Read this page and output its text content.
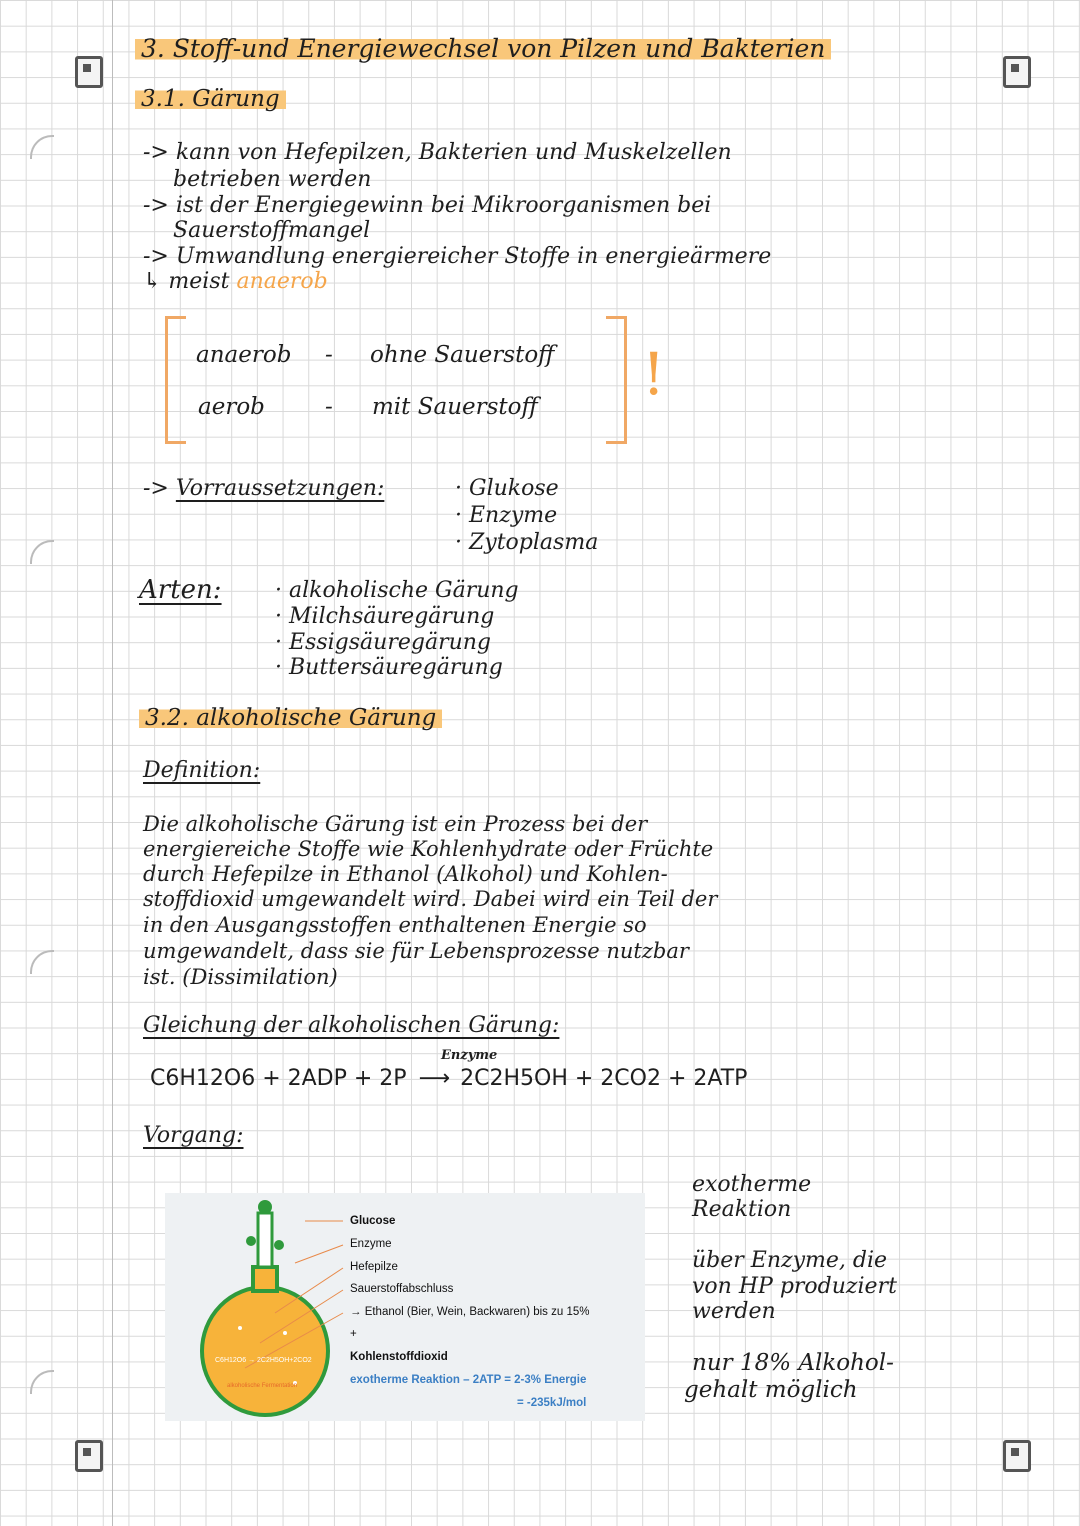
3. Stoff-und Energiewechsel von Pilzen und Bakterien
3.1. Gärung
-> kann von Hefepilzen, Bakterien und Muskelzellen
betrieben werden
-> ist der Energiegewinn bei Mikroorganismen bei
Sauerstoffmangel
-> Umwandlung energiereicher Stoffe in energieärmere
↳ meist anaerob
anaerob - ohne Sauerstoff
aerob	- mit Sauerstoff !
-> Vorraussetzungen:	· Glukose
· Enzyme
· Zytoplasma
Arten: · alkoholische Gärung
· Milchsäuregärung
· Essigsäuregärung
· Buttersäuregärung
3.2. alkoholische Gärung
Definition:
Die alkoholische Gärung ist ein Prozess bei der
energiereiche Stoffe wie Kohlenhydrate oder Früchte
durch Hefepilze in Ethanol (Alkohol) und Kohlen-
stoffdioxid umgewandelt wird. Dabei wird ein Teil der
in den Ausgangsstoffen enthaltenen Energie so
umgewandelt, dass sie für Lebensprozesse nutzbar
ist. (Dissimilation)
Gleichung der alkoholischen Gärung:
Enzyme
C6H12O6 + 2ADP + 2P  ⟶  2C2H5OH + 2CO2 + 2ATP
Vorgang:
Glucose
Enzyme
Hefepilze
Sauerstoffabschluss
→ Ethanol (Bier, Wein, Backwaren) bis zu 15%
+
Kohlenstoffdioxid
exotherme Reaktion – 2ATP = 2-3% Energie
= -235kJ/mol
C6H12O6 → 2C2H5OH+2CO2
alkoholische Fermentation
exotherme
Reaktion
über Enzyme, die
von HP produziert
werden
nur 18% Alkohol-
gehalt möglich
